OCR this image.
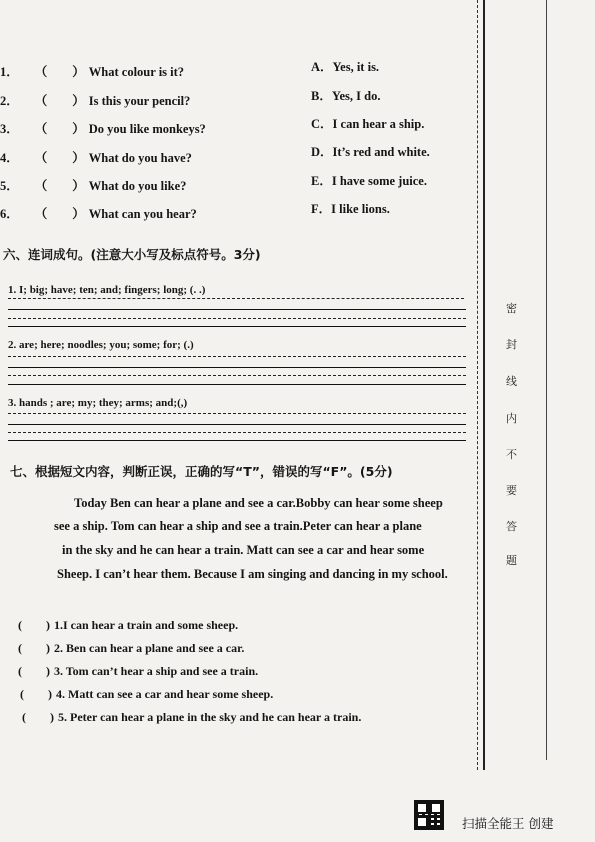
1． （　　） What colour is it?
2． （　　） Is this your pencil?
3． （　　） Do you like monkeys?
4． （　　） What do you have?
5． （　　） What do you like?
6． （　　） What can you hear?
A．Yes, it is.
B．Yes, I do.
C．I can hear a ship.
D．It’s red and white.
E．I have some juice.
F．I like lions.
六、连词成句。(注意大小写及标点符号。3分)
1. I; big; have; ten; and; fingers; long; (. .)
2. are; here; noodles; you; some; for; (.)
3. hands ; are; my; they; arms; and;(,)
七、根据短文内容，判断正误，正确的写“T”，错误的写“F”。(5分)
Today Ben can hear a plane and see a car.Bobby can hear some sheep
see a ship. Tom can hear a ship and see a train.Peter can hear a plane
in the sky and he can hear a train. Matt can see a car and hear some
Sheep. I can’t hear them. Because I am singing and dancing in my school.
(　　) 1.I can hear a train and some sheep.
(　　) 2. Ben can hear a plane and see a car.
(　　) 3. Tom can’t hear a ship and see a train.
(　　) 4. Matt can see a car and hear some sheep.
(　　) 5. Peter can hear a plane in the sky and he can hear a train.
密
封
线
内
不
要
答
题
扫描全能王 创建
